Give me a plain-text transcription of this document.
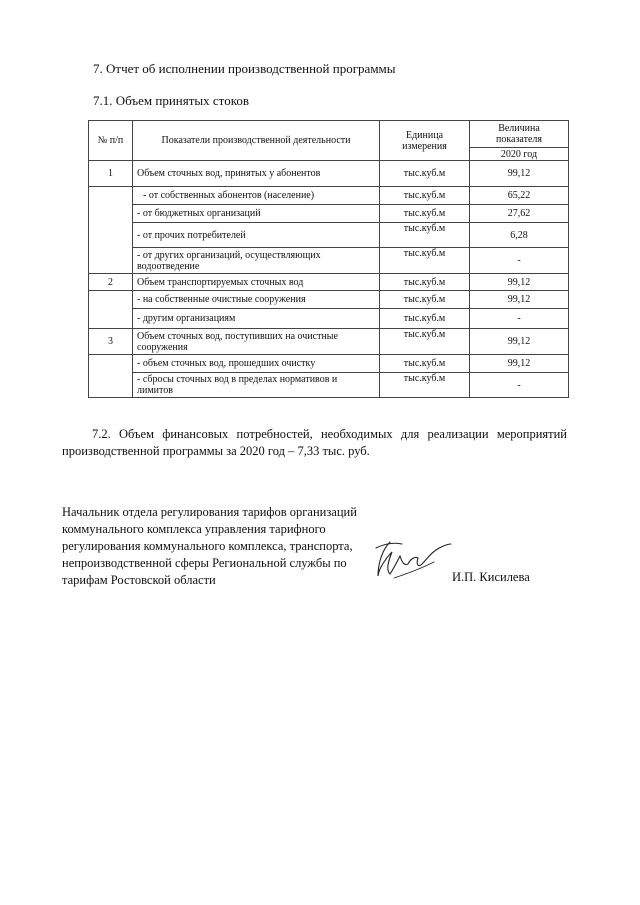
7. Отчет об исполнении производственной программы
7.1. Объем принятых стоков
№ п/п	Показатели производственной деятельности	Единица измерения	Величина показателя
			2020 год
1	Объем сточных вод, принятых у абонентов	тыс.куб.м	99,12
	- от собственных абонентов (население)	тыс.куб.м	65,22
	- от бюджетных организаций	тыс.куб.м	27,62
	- от прочих потребителей	тыс.куб.м	6,28
	- от других организаций, осуществляющих водоотведение	тыс.куб.м	-
2	Объем транспортируемых сточных вод	тыс.куб.м	99,12
	- на собственные очистные сооружения	тыс.куб.м	99,12
	- другим организациям	тыс.куб.м	-
3	Объем сточных вод, поступивших на очистные сооружения	тыс.куб.м	99,12
	- объем сточных вод, прошедших очистку	тыс.куб.м	99,12
	- сбросы сточных вод в пределах нормативов и лимитов	тыс.куб.м	-
7.2. Объем финансовых потребностей, необходимых для реализации мероприятий производственной программы за 2020 год – 7,33 тыс. руб.
Начальник отдела регулирования тарифов организаций коммунального комплекса управления тарифного регулирования коммунального комплекса, транспорта, непроизводственной сферы Региональной службы по тарифам Ростовской области	И.П. Кисилева
